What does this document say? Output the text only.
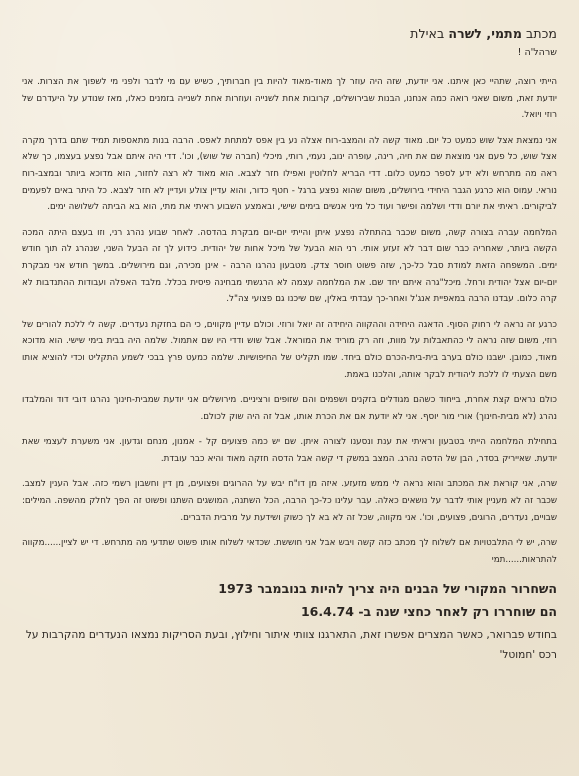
מכתב מתמי, לשרה באילת
שרהל'ה !

הייתי רוצה, שתהיי כאן איתנו. אני יודעת, שזה היה עוזר לך מאוד-מאוד להיות בין חברותיך, כשיש עם מי לדבר ולפני מי לשפוך את הצרות. אני יודעת זאת, משום שאני רואה כמה אנחנו, הבנות שבירושלים, קרובות אחת לשנייה ועוזרות אחת לשנייה בזמנים כאלו, מאז שנודע על היעדרם של רוזי ויואל.

אני נמצאת אצל שוש כמעט כל יום. מאוד קשה לה והמצב-רוח אצלה נע בין אפס למתחת לאפס. הרבה בנות מתאספות תמיד שתם בדרך מקרה אצל שוש, כל פעם אני מוצאת שם את חיה, רינה, עופרה ינוב, נעמי, רותי, מיכלי (חברה של שוש), וכו'. דדי היה איתם אבל נפצע בעצמו, כך שלא ראה מה מתרחש ולא ידע לספר כמעט כלום. דדי הבריא לחלוטין ואפילו חזר לצבא. הוא מאוד לא רצה לחזור, הוא מדוכא ביותר ובמצב-רוח נוראי. עמוס הוא כרגע הגבר היחידי בירושלים, משום שהוא נפצע ברגל - חטף כדור, והוא עדיין צולע ועדיין לא חזר לצבא. כל היתר באים לפעמים לביקורים. ראיתי את יורם ודדי ושלמה ופישר ועוד כל מיני אנשים בימים שישי, ובאמצע השבוע ראיתי את מתי, הוא בא הביתה לשלושה ימים.

המלחמה עברה בצורה קשה, משום שכבר בהתחלה נפצע איתן והייתי יום-יום מבקרת בהדסה. לאחר שבוע נהרג רני, וזו בעצם היתה המכה הקשה ביותר, שאחריה כבר שום דבר לא זעזע אותי. רני הוא הבעל של מיכל אחות של יהודית. כידוע לך זה הבעל השני, שנהרג לה תוך חודש ימים. המשפחה הזאת למודת סבל כל-כך, שזה פשוט חוסר צדק. מטבעון נהרגו הרבה - אינן מכירה, וגם מירושלים. במשך חודש אני מבקרת יום-יום אצל יהודית ורחל. מיכל"גרה איתם יחד שם. את המלחמה עצמה לא הרגשתי מבחינה פיסית בכלל. מלבד האפלה ועבודות ההתנדבות לא קרה כלום. עבדנו הרבה במאפיית אנג'ל ואחר-כך עבדתי באלין, שם שיכנו גם פצועי צה"ל.

כרגע זה נראה לי רחוק הסוף. הדאגה היחידה וההקווה היחידה זה יואל ורוזי. וכולם עדיין מקווים, כי הם בחזקת נעדרים. קשה לי ללכת להורים של רוזי, משום שזה נראה לי כהתאבלות על מוות, וזה רק מוריד את המוראל. אבל שוש ודדי היו שם אתמול. שלמה היה בבית בימי שישי. הוא מדוכא מאוד, כמובן. ישבנו כולם בערב בית-בית-הכרם כולם ביחד. שמו תקליט של החיפושיות. שלמה כמעט פרץ בבכי לשמע התקליט וכדי להוציא אותו משם הצעתי לו ללכת ליהודית לבקר אותה, והלכנו באמת.

כולם נראים קצת אחרת, בייחוד כשהם מגודלים בזקנים ושפמים והם שזופים ורציניים. מירושלים אני יודעת שמבית-חינוך נהרגו דובי דוד והמלבדו נהרג (לא מבית-חינוך) אורי מור יוסף. אני לא יודעת אם את הכרת אותו, אבל זה היה שוק לכולם.

בתחילת המלחמה הייתי בטבעון וראיתי את ענת ונסענו לצורה איתן. שם יש כמה פצועים קל - אמנון, מנחם וגדעון. אני משערת לעצמי שאת יודעת. שאייריק בסדר, הבן של הדסה נהרג. המצב במשק די קשה אבל הדסה חזקה מאוד והיא כבר עובדת.

שרה, אני קוראת את המכתב והוא נראה לי ממש מזעזע. איזה מן דו"ח יבש על ההרוגים ופצועים, מן דין וחשבון רשמי כזה. אבל הענין למצב. שכבר זה לא מעניין אותי לדבר על נושאים כאלה. עבר עלינו כל-כך הרבה, הכל השתנה, המושגים השתנו ופשוט זה הפך לחלק מהשפה. המילים: שבויים, נעדרים, הרוגים, פצועים, וכו'. אני מקווה, שכל זה לא בא לך כשוק ושידעת על מרבית הדברים.

שרה, יש לי התלבטויות אם לשלוח לך מכתב כזה קשה ויבש אבל אני חוששת. שכדאי לשלוח אותו פשוט שתדעי מה מתרחש. די יש לציין......מקווה להתראות......תמי

השחרור המקורי של הבנים היה צריך להיות בנובמבר 1973

הם שוחררו רק לאחר כחצי שנה ב- 16.4.74

בחודש פברואר, כאשר המצרים אפשרו זאת, התארגנו צוותי איתור וחילוץ, ובעת הסריקות נמצאו הנעדרים מהקרבות על רכס 'חמוטל'
